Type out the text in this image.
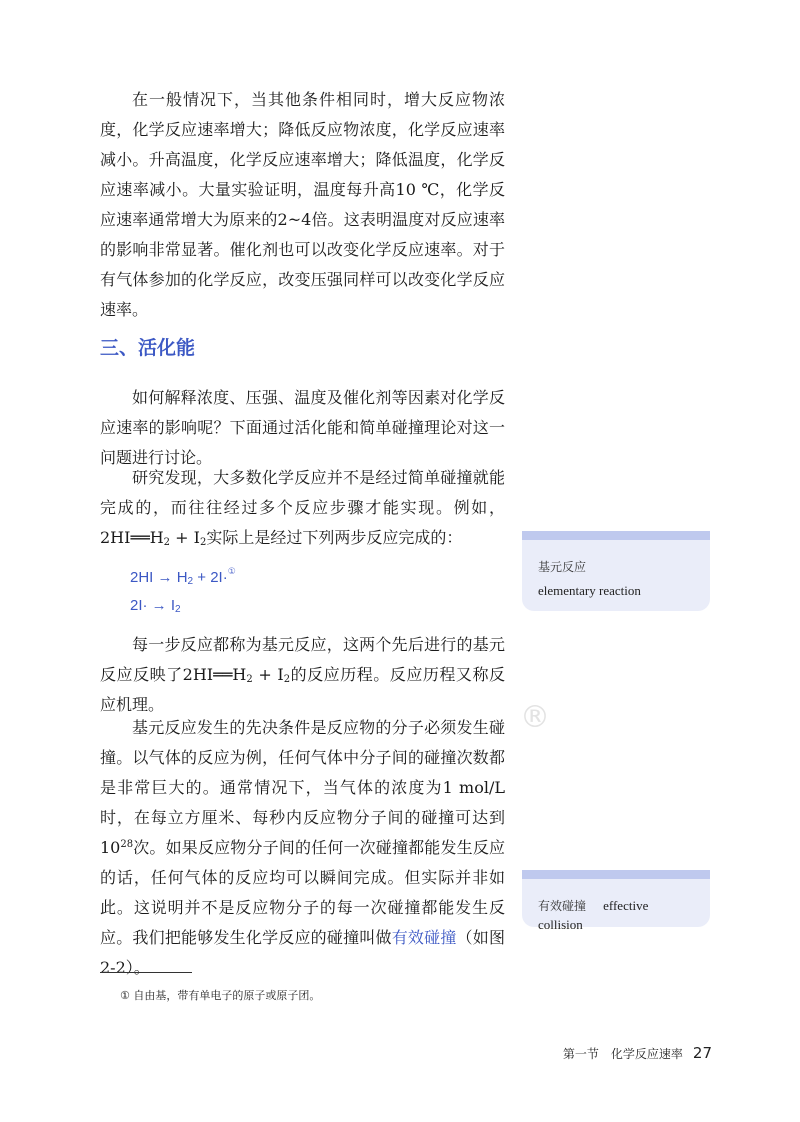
在一般情况下，当其他条件相同时，增大反应物浓度，化学反应速率增大；降低反应物浓度，化学反应速率减小。升高温度，化学反应速率增大；降低温度，化学反应速率减小。大量实验证明，温度每升高10 ℃，化学反应速率通常增大为原来的2~4倍。这表明温度对反应速率的影响非常显著。催化剂也可以改变化学反应速率。对于有气体参加的化学反应，改变压强同样可以改变化学反应速率。

三、活化能

如何解释浓度、压强、温度及催化剂等因素对化学反应速率的影响呢？下面通过活化能和简单碰撞理论对这一问题进行讨论。

研究发现，大多数化学反应并不是经过简单碰撞就能完成的，而往往经过多个反应步骤才能实现。例如，$2HI══H_2 + I_2$实际上是经过下列两步反应完成的：

$2HI \to H_2 + 2I\cdot^①$
$2I\cdot \to I_2$

每一步反应都称为基元反应，这两个先后进行的基元反应反映了$2HI══H_2 + I_2$的反应历程。反应历程又称反应机理。

基元反应发生的先决条件是反应物的分子必须发生碰撞。以气体的反应为例，任何气体中分子间的碰撞次数都是非常巨大的。通常情况下，当气体的浓度为1 mol/L时，在每立方厘米、每秒内反应物分子间的碰撞可达到$10^{28}$次。如果反应物分子间的任何一次碰撞都能发生反应的话，任何气体的反应均可以瞬间完成。但实际并非如此。这说明并不是反应物分子的每一次碰撞都能发生反应。我们把能够发生化学反应的碰撞叫做有效碰撞（如图2-2）。

基元反应
elementary reaction
有效碰撞 effective collision
®

① 自由基，带有单电子的原子或原子团。

第一节　化学反应速率 27
